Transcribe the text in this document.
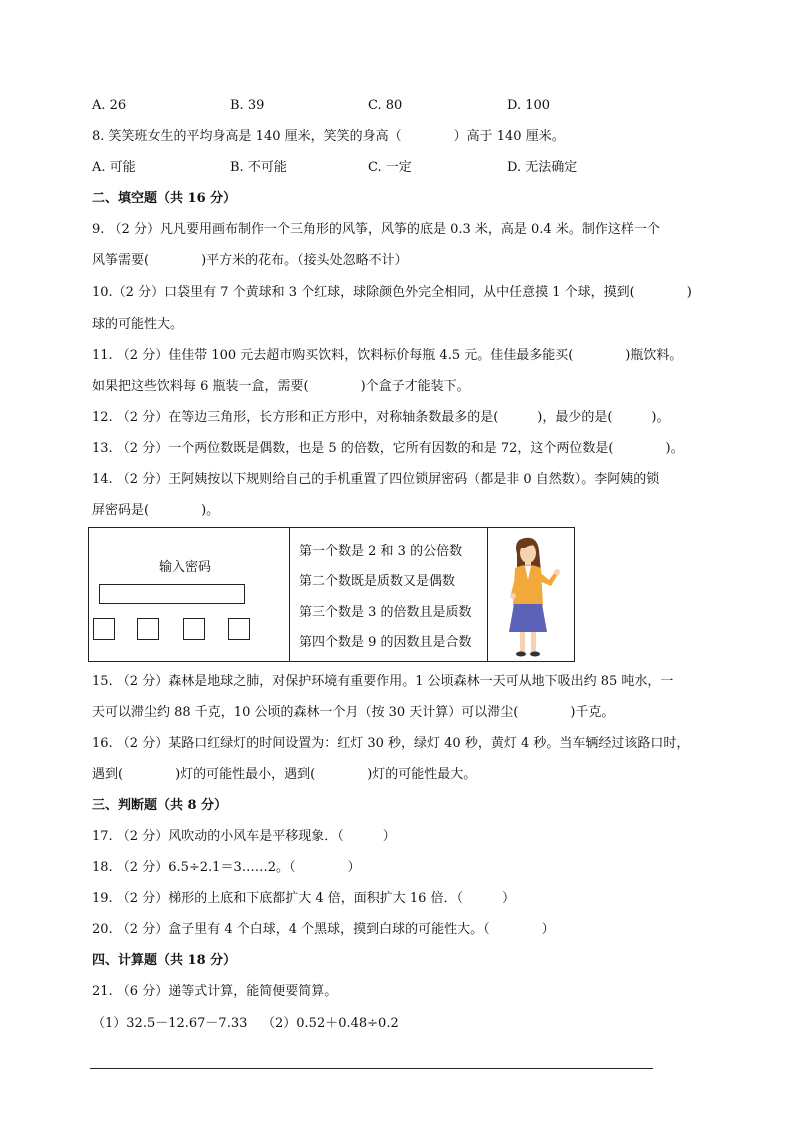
A. 26	B. 39	C. 80	D. 100
8. 笑笑班女生的平均身高是 140 厘米，笑笑的身高（　　　　）高于 140 厘米。
A. 可能	B. 不可能	C. 一定	D. 无法确定
二、填空题（共 16 分）
9. （2 分）凡凡要用画布制作一个三角形的风筝，风筝的底是 0.3 米，高是 0.4 米。制作这样一个
风筝需要(　　　　)平方米的花布。（接头处忽略不计）
10.（2 分）口袋里有 7 个黄球和 3 个红球，球除颜色外完全相同，从中任意摸 1 个球，摸到(　　　　)
球的可能性大。
11. （2 分）佳佳带 100 元去超市购买饮料，饮料标价每瓶 4.5 元。佳佳最多能买(　　　　)瓶饮料。
如果把这些饮料每 6 瓶装一盒，需要(　　　　)个盒子才能装下。
12. （2 分）在等边三角形，长方形和正方形中，对称轴条数最多的是(　　　)，最少的是(　　　)。
13. （2 分）一个两位数既是偶数，也是 5 的倍数，它所有因数的和是 72，这个两位数是(　　　　)。
14. （2 分）王阿姨按以下规则给自己的手机重置了四位锁屏密码（都是非 0 自然数）。李阿姨的锁
屏密码是(　　　　)。
输入密码
第一个数是 2 和 3 的公倍数
第二个数既是质数又是偶数
第三个数是 3 的倍数且是质数
第四个数是 9 的因数且是合数
15. （2 分）森林是地球之肺，对保护环境有重要作用。1 公顷森林一天可从地下吸出约 85 吨水，一
天可以滞尘约 88 千克，10 公顷的森林一个月（按 30 天计算）可以滞尘(　　　　)千克。
16. （2 分）某路口红绿灯的时间设置为：红灯 30 秒，绿灯 40 秒，黄灯 4 秒。当车辆经过该路口时，
遇到(　　　　)灯的可能性最小，遇到(　　　　)灯的可能性最大。
三、判断题（共 8 分）
17. （2 分）风吹动的小风车是平移现象．（　　　）
18. （2 分）6.5÷2.1＝3……2。（　　　　）
19. （2 分）梯形的上底和下底都扩大 4 倍，面积扩大 16 倍．（　　　）
20. （2 分）盒子里有 4 个白球，4 个黑球，摸到白球的可能性大。（　　　　）
四、计算题（共 18 分）
21. （6 分）递等式计算，能简便要简算。
（1）32.5－12.67－7.33 （2）0.52＋0.48÷0.2
